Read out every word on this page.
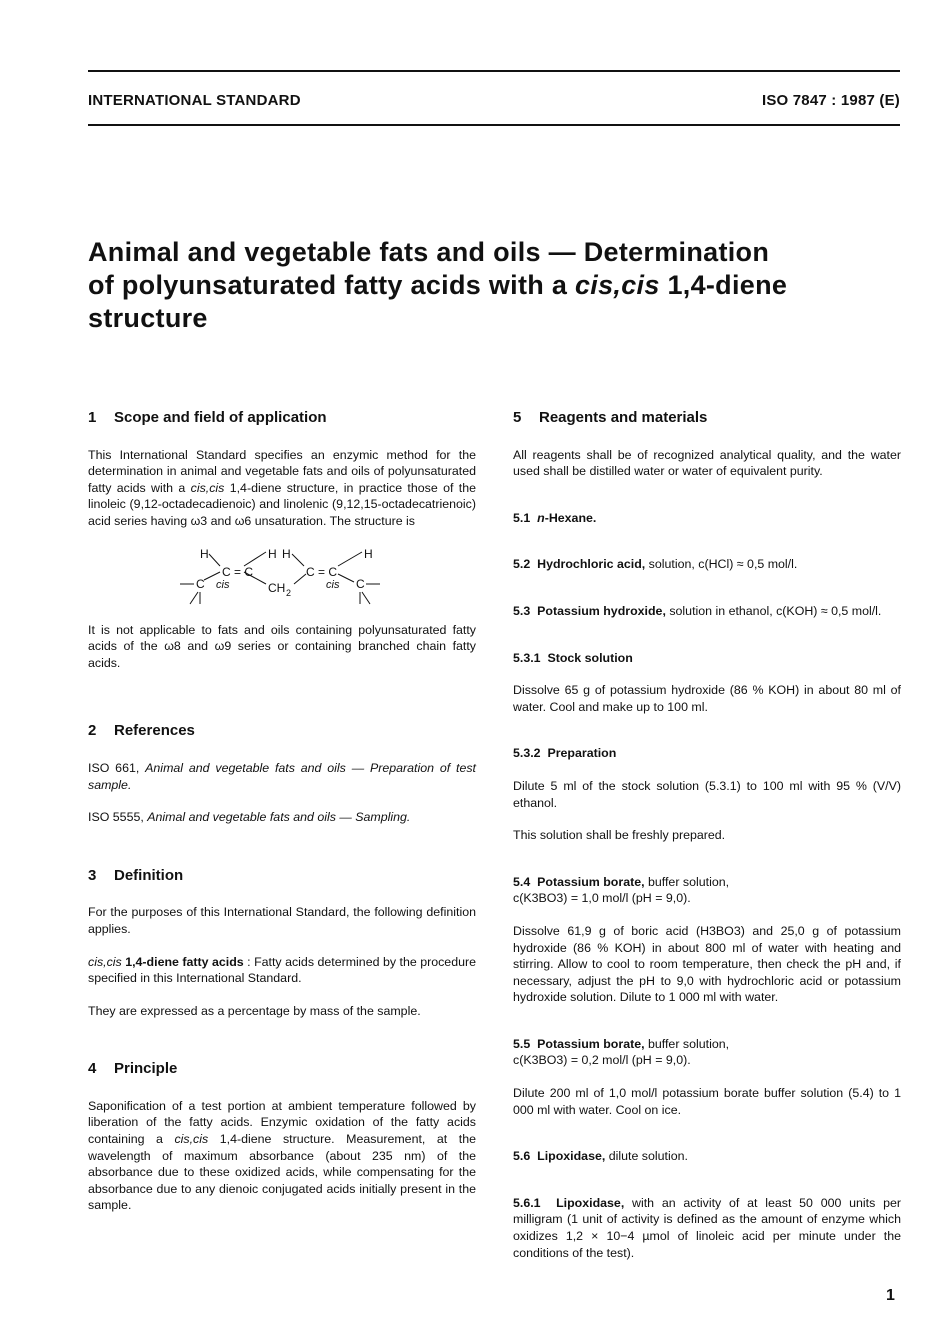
INTERNATIONAL STANDARD	ISO 7847 : 1987 (E)
Animal and vegetable fats and oils — Determination
of polyunsaturated fatty acids with a cis,cis 1,4-diene
structure
1 Scope and field of application

This International Standard specifies an enzymic method for the determination in animal and vegetable fats and oils of polyunsaturated fatty acids with a cis,cis 1,4-diene structure, in practice those of the linoleic (9,12-octadecadienoic) and linolenic (9,12,15-octadecatrienoic) acid series having ω3 and ω6 unsaturation. The structure is

H	H H	H
C = C	C = C
C cis	CH 2
cis C

It is not applicable to fats and oils containing polyunsaturated fatty acids of the ω8 and ω9 series or containing branched chain fatty acids.

2 References

ISO 661, Animal and vegetable fats and oils — Preparation of test sample.

ISO 5555, Animal and vegetable fats and oils — Sampling.

3 Definition

For the purposes of this International Standard, the following definition applies.

cis,cis 1,4-diene fatty acids : Fatty acids determined by the procedure specified in this International Standard.

They are expressed as a percentage by mass of the sample.

4 Principle

Saponification of a test portion at ambient temperature followed by liberation of the fatty acids. Enzymic oxidation of the fatty acids containing a cis,cis 1,4-diene structure. Measurement, at the wavelength of maximum absorbance (about 235 nm) of the absorbance due to these oxidized acids, while compensating for the absorbance due to any dienoic conjugated acids initially present in the sample.

5 Reagents and materials

All reagents shall be of recognized analytical quality, and the water used shall be distilled water or water of equivalent purity.

5.1 n-Hexane.

5.2 Hydrochloric acid, solution, c(HCl) ≈ 0,5 mol/l.

5.3 Potassium hydroxide, solution in ethanol, c(KOH) ≈ 0,5 mol/l.

5.3.1 Stock solution

Dissolve 65 g of potassium hydroxide (86 % KOH) in about 80 ml of water. Cool and make up to 100 ml.

5.3.2 Preparation

Dilute 5 ml of the stock solution (5.3.1) to 100 ml with 95 % (V/V) ethanol.

This solution shall be freshly prepared.

5.4 Potassium borate, buffer solution,
c(K3BO3) = 1,0 mol/l (pH = 9,0).

Dissolve 61,9 g of boric acid (H3BO3) and 25,0 g of potassium hydroxide (86 % KOH) in about 800 ml of water with heating and stirring. Allow to cool to room temperature, then check the pH and, if necessary, adjust the pH to 9,0 with hydrochloric acid or potassium hydroxide solution. Dilute to 1 000 ml with water.

5.5 Potassium borate, buffer solution,
c(K3BO3) = 0,2 mol/l (pH = 9,0).

Dilute 200 ml of 1,0 mol/l potassium borate buffer solution (5.4) to 1 000 ml with water. Cool on ice.

5.6 Lipoxidase, dilute solution.

5.6.1 Lipoxidase, with an activity of at least 50 000 units per milligram (1 unit of activity is defined as the amount of enzyme which oxidizes 1,2 × 10−4 µmol of linoleic acid per minute under the conditions of the test).

1
